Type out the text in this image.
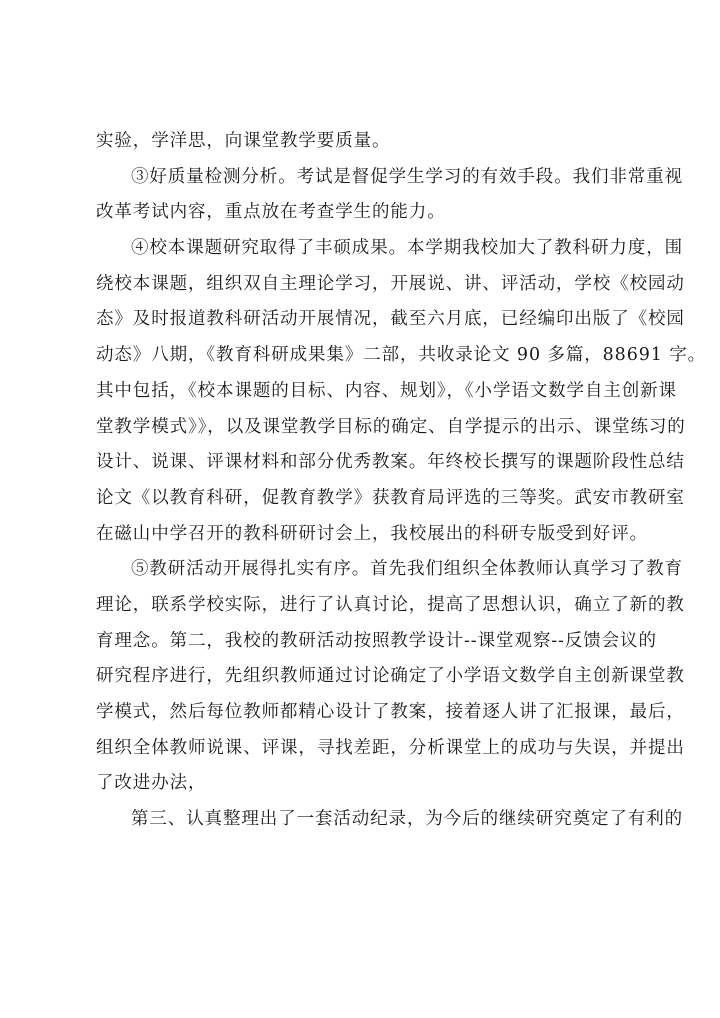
实验，学洋思，向课堂教学要质量。
③好质量检测分析。考试是督促学生学习的有效手段。我们非常重视
改革考试内容，重点放在考查学生的能力。
④校本课题研究取得了丰硕成果。本学期我校加大了教科研力度，围
绕校本课题，组织双自主理论学习，开展说、讲、评活动，学校《校园动
态》及时报道教科研活动开展情况，截至六月底，已经编印出版了《校园
动态》八期，《教育科研成果集》二部，共收录论文 90 多篇，88691 字。
其中包括，《校本课题的目标、内容、规划》，《小学语文数学自主创新课
堂教学模式》》，以及课堂教学目标的确定、自学提示的出示、课堂练习的
设计、说课、评课材料和部分优秀教案。年终校长撰写的课题阶段性总结
论文《以教育科研，促教育教学》获教育局评选的三等奖。武安市教研室
在磁山中学召开的教科研研讨会上，我校展出的科研专版受到好评。
⑤教研活动开展得扎实有序。首先我们组织全体教师认真学习了教育
理论，联系学校实际，进行了认真讨论，提高了思想认识，确立了新的教
育理念。第二，我校的教研活动按照教学设计--课堂观察--反馈会议的
研究程序进行，先组织教师通过讨论确定了小学语文数学自主创新课堂教
学模式，然后每位教师都精心设计了教案，接着逐人讲了汇报课，最后，
组织全体教师说课、评课，寻找差距，分析课堂上的成功与失误，并提出
了改进办法，
第三、认真整理出了一套活动纪录，为今后的继续研究奠定了有利的
